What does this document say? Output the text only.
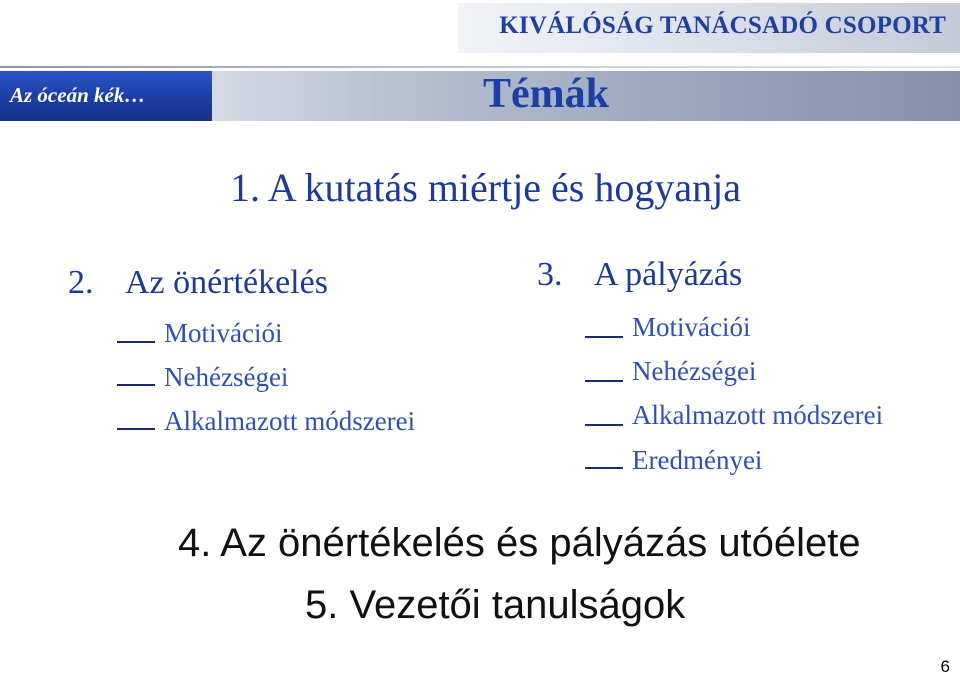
KIVÁLÓSÁG TANÁCSADÓ CSOPORT
Az óceán kék…	Témák
1. A kutatás miértje és hogyanja
2. Az önértékelés
Motivációi
Nehézségei
Alkalmazott módszerei
3. A pályázás
Motivációi
Nehézségei
Alkalmazott módszerei
Eredményei
4. Az önértékelés és pályázás utóélete
5. Vezetői tanulságok
6
